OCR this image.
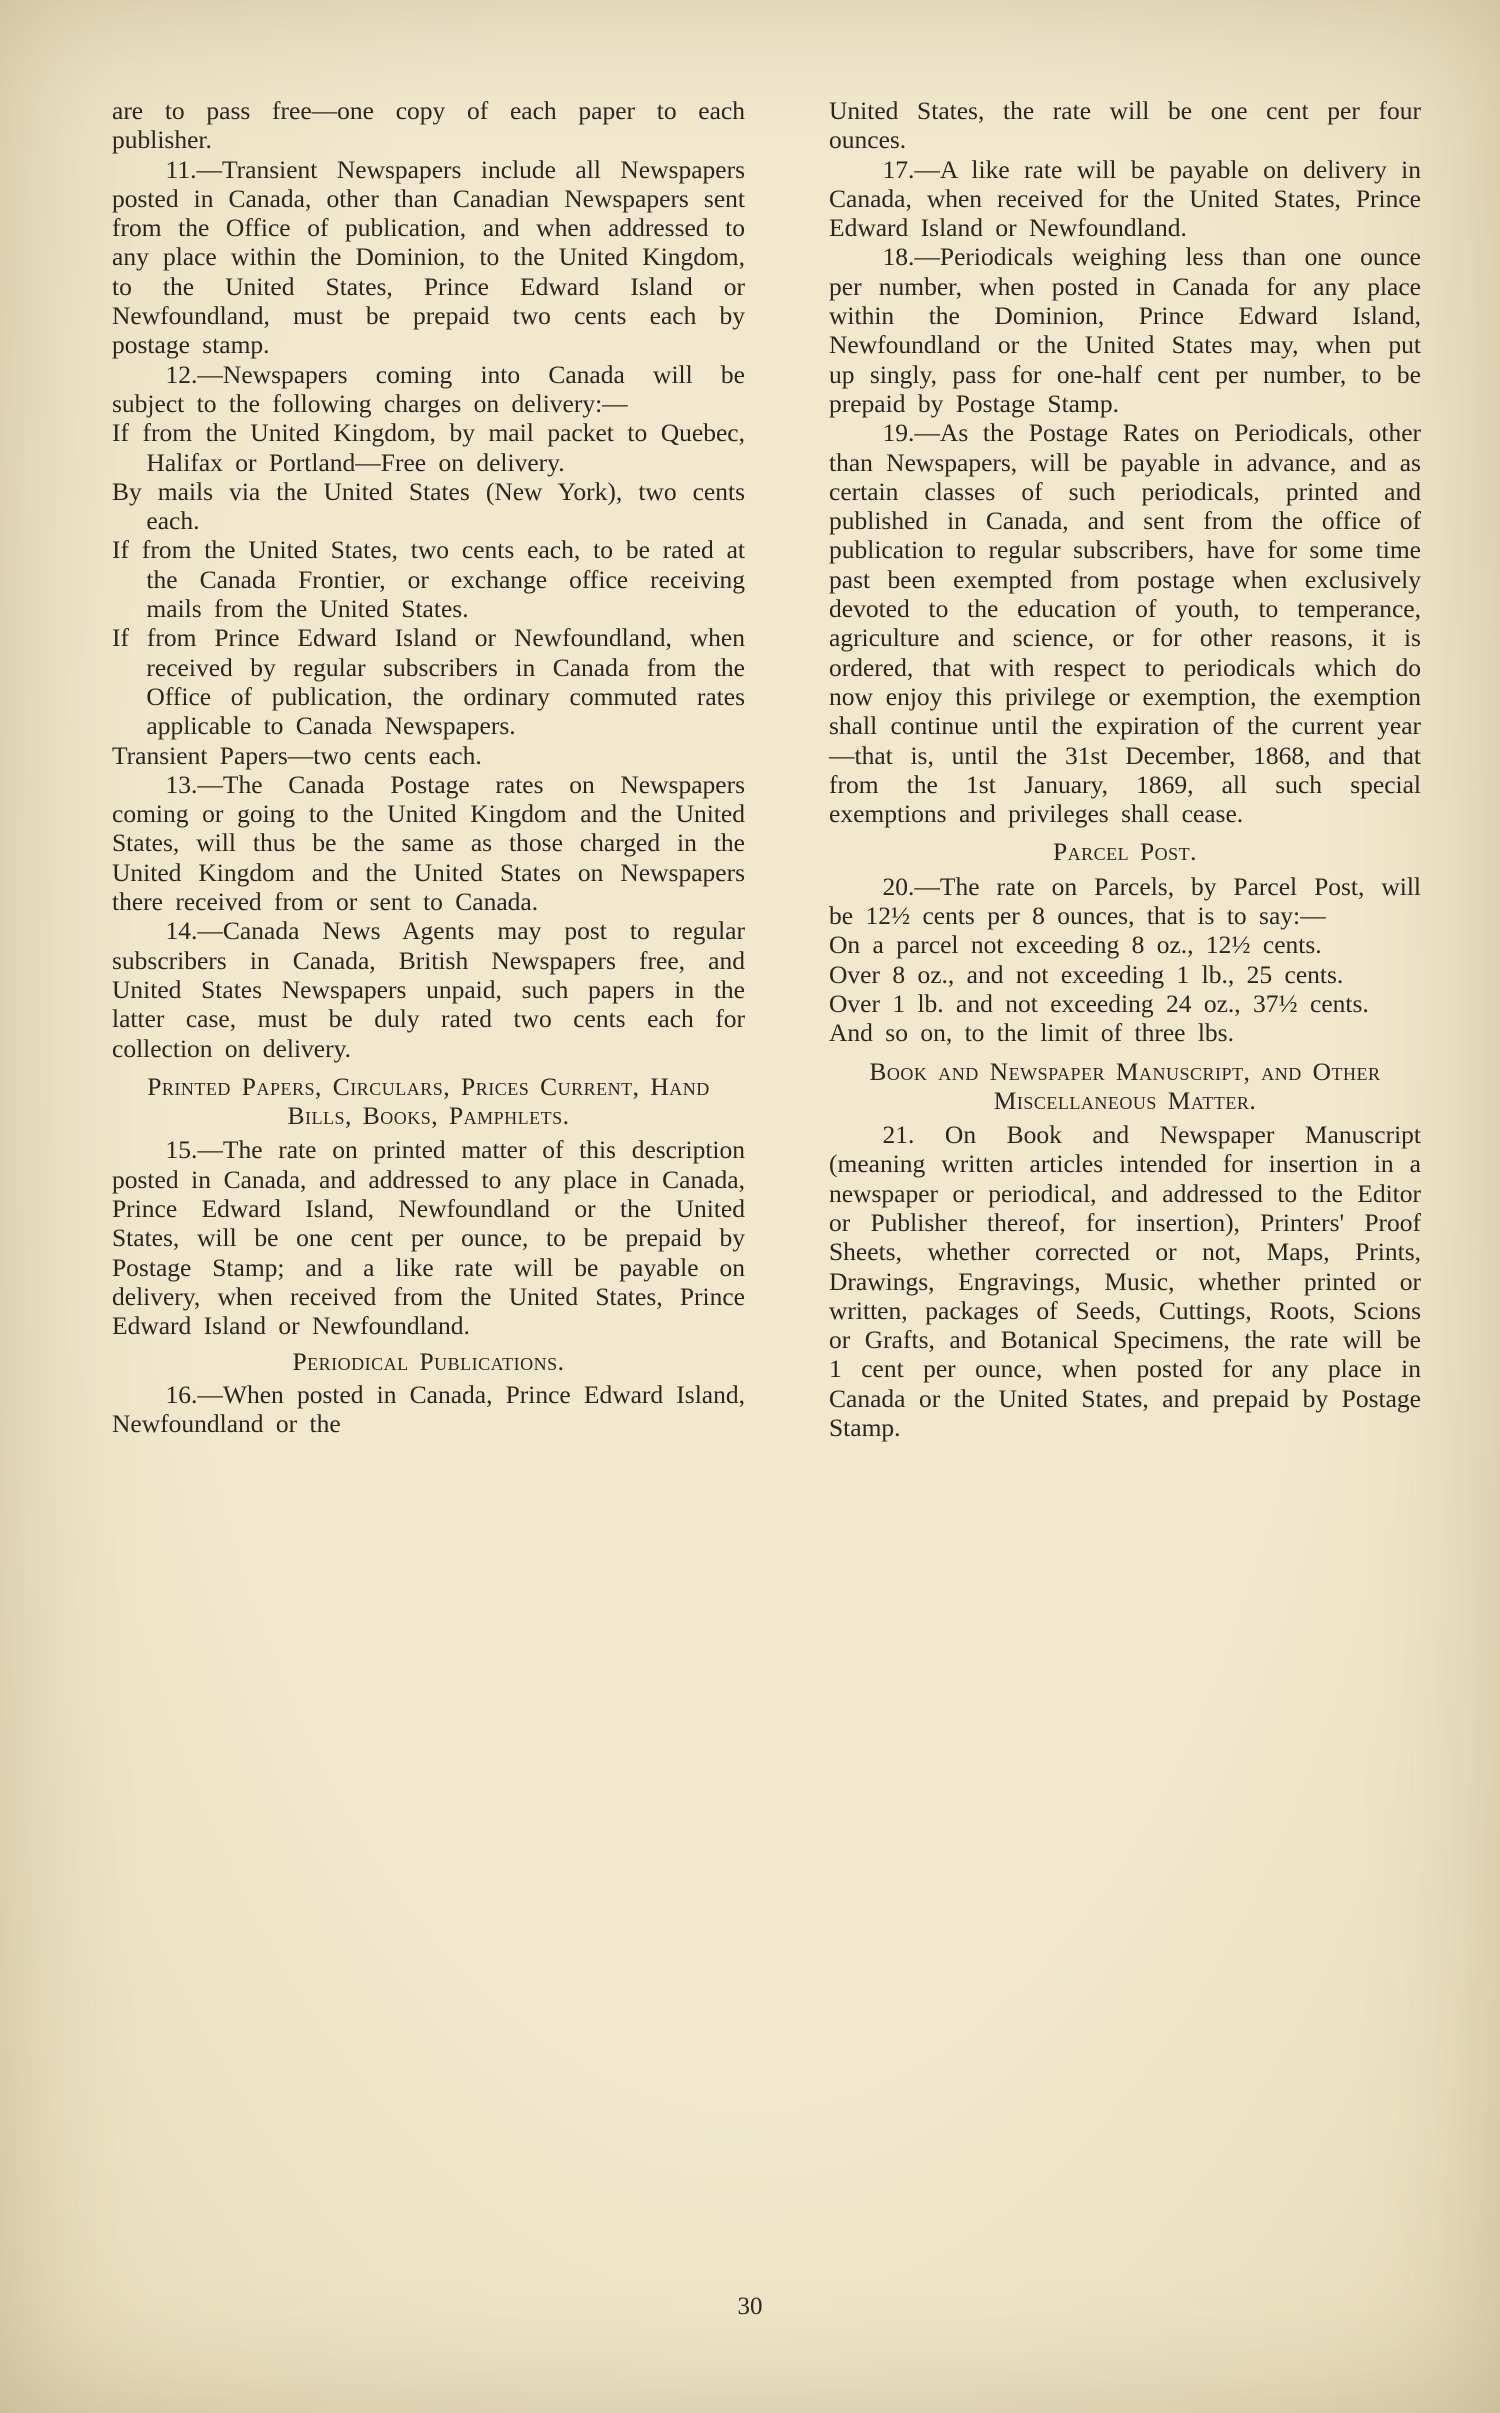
are to pass free—one copy of each paper to each publisher.

11.—Transient Newspapers include all Newspapers posted in Canada, other than Canadian Newspapers sent from the Office of publication, and when addressed to any place within the Dominion, to the United Kingdom, to the United States, Prince Edward Island or Newfoundland, must be prepaid two cents each by postage stamp.

12.—Newspapers coming into Canada will be subject to the following charges on delivery:—

If from the United Kingdom, by mail packet to Quebec, Halifax or Portland—Free on delivery.

By mails via the United States (New York), two cents each.

If from the United States, two cents each, to be rated at the Canada Frontier, or exchange office receiving mails from the United States.

If from Prince Edward Island or Newfoundland, when received by regular subscribers in Canada from the Office of publication, the ordinary commuted rates applicable to Canada Newspapers.

Transient Papers—two cents each.

13.—The Canada Postage rates on Newspapers coming or going to the United Kingdom and the United States, will thus be the same as those charged in the United Kingdom and the United States on Newspapers there received from or sent to Canada.

14.—Canada News Agents may post to regular subscribers in Canada, British Newspapers free, and United States Newspapers unpaid, such papers in the latter case, must be duly rated two cents each for collection on delivery.

Printed Papers, Circulars, Prices Current, Hand Bills, Books, Pamphlets.

15.—The rate on printed matter of this description posted in Canada, and addressed to any place in Canada, Prince Edward Island, Newfoundland or the United States, will be one cent per ounce, to be prepaid by Postage Stamp; and a like rate will be payable on delivery, when received from the United States, Prince Edward Island or Newfoundland.

Periodical Publications.

16.—When posted in Canada, Prince Edward Island, Newfoundland or the

United States, the rate will be one cent per four ounces.

17.—A like rate will be payable on delivery in Canada, when received for the United States, Prince Edward Island or Newfoundland.

18.—Periodicals weighing less than one ounce per number, when posted in Canada for any place within the Dominion, Prince Edward Island, Newfoundland or the United States may, when put up singly, pass for one-half cent per number, to be prepaid by Postage Stamp.

19.—As the Postage Rates on Periodicals, other than Newspapers, will be payable in advance, and as certain classes of such periodicals, printed and published in Canada, and sent from the office of publication to regular subscribers, have for some time past been exempted from postage when exclusively devoted to the education of youth, to temperance, agriculture and science, or for other reasons, it is ordered, that with respect to periodicals which do now enjoy this privilege or exemption, the exemption shall continue until the expiration of the current year—that is, until the 31st December, 1868, and that from the 1st January, 1869, all such special exemptions and privileges shall cease.

Parcel Post.

20.—The rate on Parcels, by Parcel Post, will be 12½ cents per 8 ounces, that is to say:—

On a parcel not exceeding 8 oz., 12½ cents.

Over 8 oz., and not exceeding 1 lb., 25 cents.

Over 1 lb. and not exceeding 24 oz., 37½ cents.

And so on, to the limit of three lbs.

Book and Newspaper Manuscript, and Other Miscellaneous Matter.

21. On Book and Newspaper Manuscript (meaning written articles intended for insertion in a newspaper or periodical, and addressed to the Editor or Publisher thereof, for insertion), Printers' Proof Sheets, whether corrected or not, Maps, Prints, Drawings, Engravings, Music, whether printed or written, packages of Seeds, Cuttings, Roots, Scions or Grafts, and Botanical Specimens, the rate will be 1 cent per ounce, when posted for any place in Canada or the United States, and prepaid by Postage Stamp.

30
